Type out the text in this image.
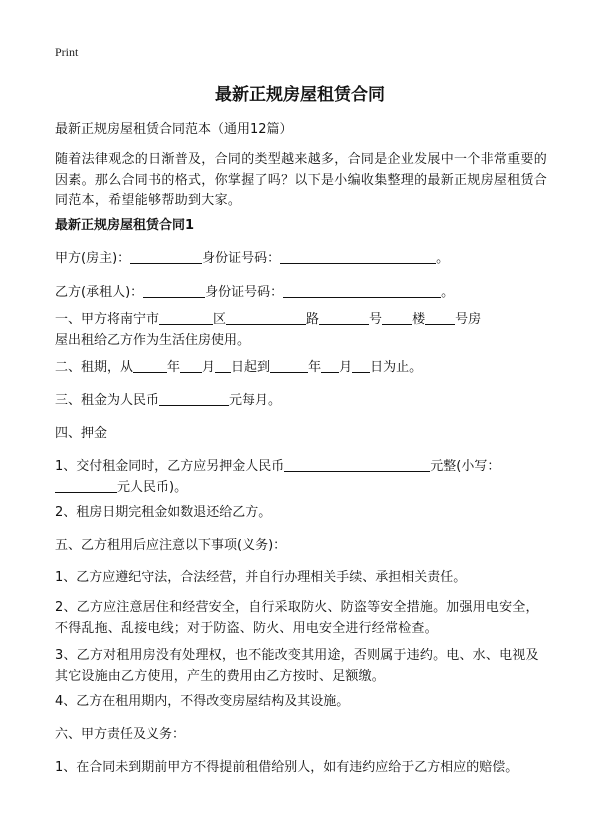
Print
最新正规房屋租赁合同

最新正规房屋租赁合同范本（通用12篇）

随着法律观念的日渐普及，合同的类型越来越多，合同是企业发展中一个非常重要的因素。那么合同书的格式，你掌握了吗？以下是小编收集整理的最新正规房屋租赁合同范本，希望能够帮助到大家。

最新正规房屋租赁合同1

甲方(房主)：	身份证号码：	。

乙方(承租人)：	身份证号码：	。

一、甲方将南宁市	区	路	号 楼 号房
屋出租给乙方作为生活住房使用。

二、租期，从	年 月 日起到	年 月 日为止。

三、租金为人民币	元每月。

四、押金

1、交付租金同时，乙方应另押金人民币	元整(小写：
元人民币)。

2、租房日期完租金如数退还给乙方。

五、乙方租用后应注意以下事项(义务)：

1、乙方应遵纪守法，合法经营，并自行办理相关手续、承担相关责任。

2、乙方应注意居住和经营安全，自行采取防火、防盗等安全措施。加强用电安全，不得乱拖、乱接电线；对于防盗、防火、用电安全进行经常检查。

3、乙方对租用房没有处理权，也不能改变其用途，否则属于违约。电、水、电视及其它设施由乙方使用，产生的费用由乙方按时、足额缴。

4、乙方在租用期内，不得改变房屋结构及其设施。

六、甲方责任及义务：

1、在合同未到期前甲方不得提前租借给别人，如有违约应给于乙方相应的赔偿。
